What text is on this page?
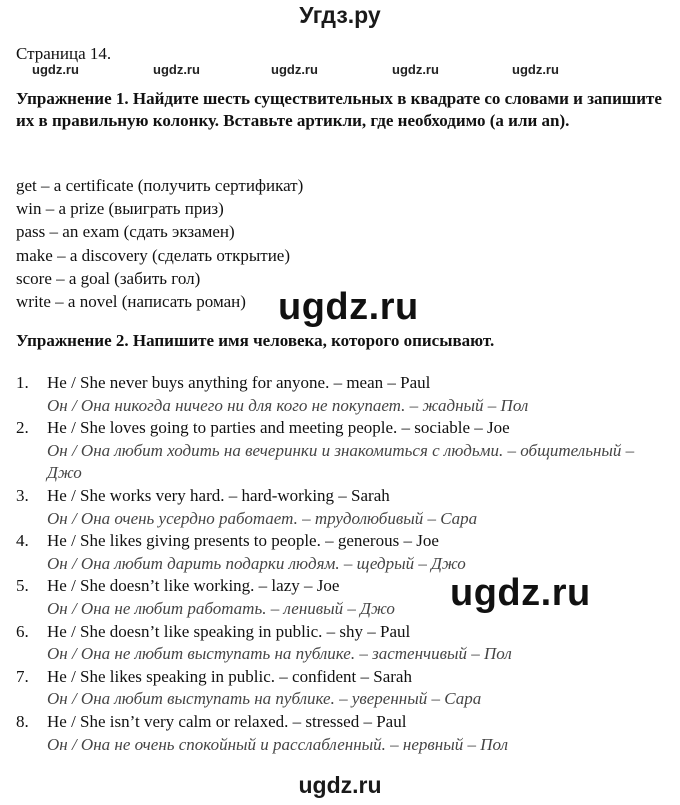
Угдз.ру
Страница 14.
ugdz.ru	ugdz.ru	ugdz.ru	ugdz.ru	ugdz.ru
Упражнение 1. Найдите шесть существительных в квадрате со словами и запишите их в правильную колонку. Вставьте артикли, где необходимо (a или an).
get – a certificate (получить сертификат)
win – a prize (выиграть приз)
pass – an exam (сдать экзамен)
make – a discovery (сделать открытие)
score – a goal (забить гол)
write – a novel (написать роман) ugdz.ru
Упражнение 2. Напишите имя человека, которого описывают.
1.	He / She never buys anything for anyone. – mean – Paul
Он / Она никогда ничего ни для кого не покупает. – жадный – Пол
2.	He / She loves going to parties and meeting people. – sociable – Joe
Он / Она любит ходить на вечеринки и знакомиться с людьми. – общительный – Джо
3.	He / She works very hard. – hard-working – Sarah
Он / Она очень усердно работает. – трудолюбивый – Сара
4.	He / She likes giving presents to people. – generous – Joe
Он / Она любит дарить подарки людям. – щедрый – Джо
5.	He / She doesn’t like working. – lazy – Joe
Он / Она не любит работать. – ленивый – Джо
6.	He / She doesn’t like speaking in public. – shy – Paul
Он / Она не любит выступать на публике. – застенчивый – Пол
7.	He / She likes speaking in public. – confident – Sarah
Он / Она любит выступать на публике. – уверенный – Сара
8.	He / She isn’t very calm or relaxed. – stressed – Paul
Он / Она не очень спокойный и расслабленный. – нервный – Пол
ugdz.ru
ugdz.ru
